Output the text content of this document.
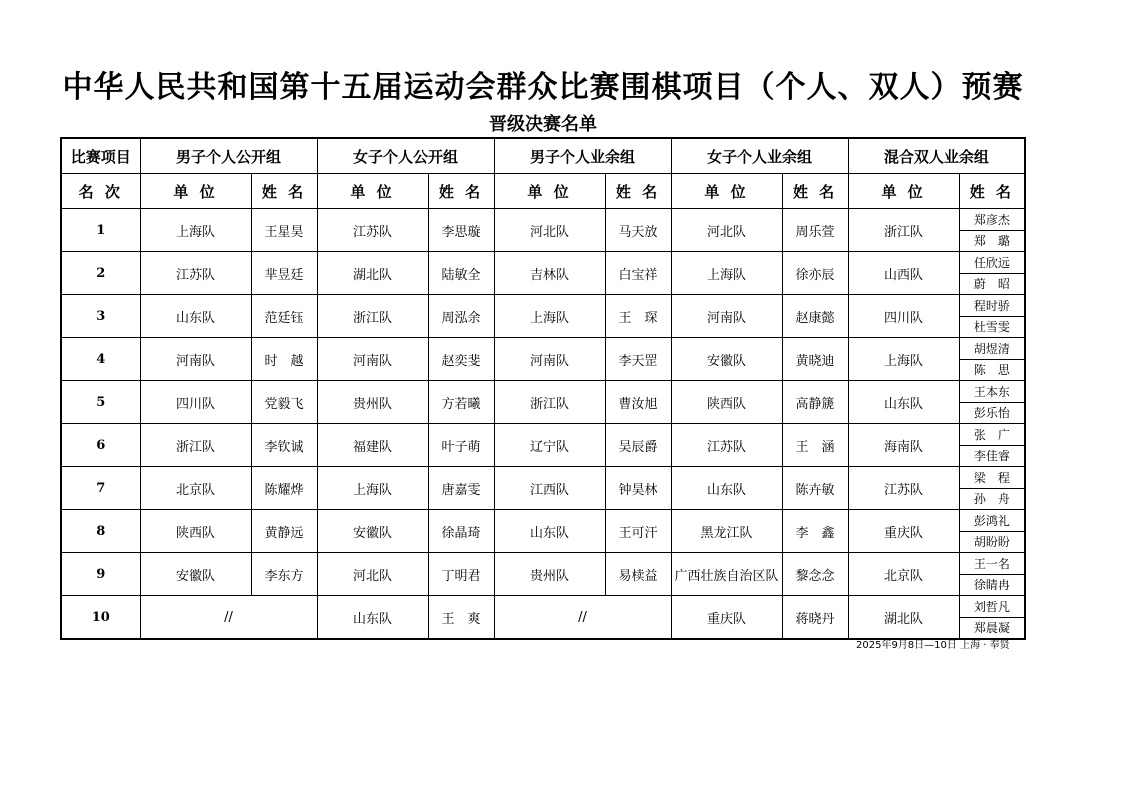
中华人民共和国第十五届运动会群众比赛围棋项目（个人、双人）预赛
晋级决赛名单
比赛项目	男子个人公开组		女子个人公开组		男子个人业余组		女子个人业余组		混合双人业余组	
名 次	单 位	姓 名	单 位	姓 名	单 位	姓 名	单 位	姓 名	单 位	姓 名
1	上海队	王星昊	江苏队	李思璇	河北队	马天放	河北队	周乐萱	浙江队	郑彦杰
郑　璐

2	江苏队	芈昱廷	湖北队	陆敏全	吉林队	白宝祥	上海队	徐亦辰	山西队	任欣远
蔚　昭

3	山东队	范廷钰	浙江队	周泓余	上海队	王　琛	河南队	赵康懿	四川队	程时骄
杜雪雯

4	河南队	时　越	河南队	赵奕斐	河南队	李天罡	安徽队	黄晓迪	上海队	胡煜清
陈　思

5	四川队	党毅飞	贵州队	方若曦	浙江队	曹汝旭	陕西队	高静篪	山东队	王本东
彭乐怡

6	浙江队	李钦诚	福建队	叶子萌	辽宁队	吴辰爵	江苏队	王　涵	海南队	张　广
李佳睿

7	北京队	陈耀烨	上海队	唐嘉雯	江西队	钟昊林	山东队	陈卉敏	江苏队	梁　程
孙　舟

8	陕西队	黄静远	安徽队	徐晶琦	山东队	王可汗	黑龙江队	李　鑫	重庆队	彭鸿礼
胡盼盼

9	安徽队	李东方	河北队	丁明君	贵州队	易椟益	广西壮族自治区队	黎念念	北京队	王一名
徐睛冉

10	//		山东队	王　爽	//		重庆队	蒋晓丹	湖北队	刘哲凡
郑晨凝
2025年9月8日—10日 上海 · 奉贤
